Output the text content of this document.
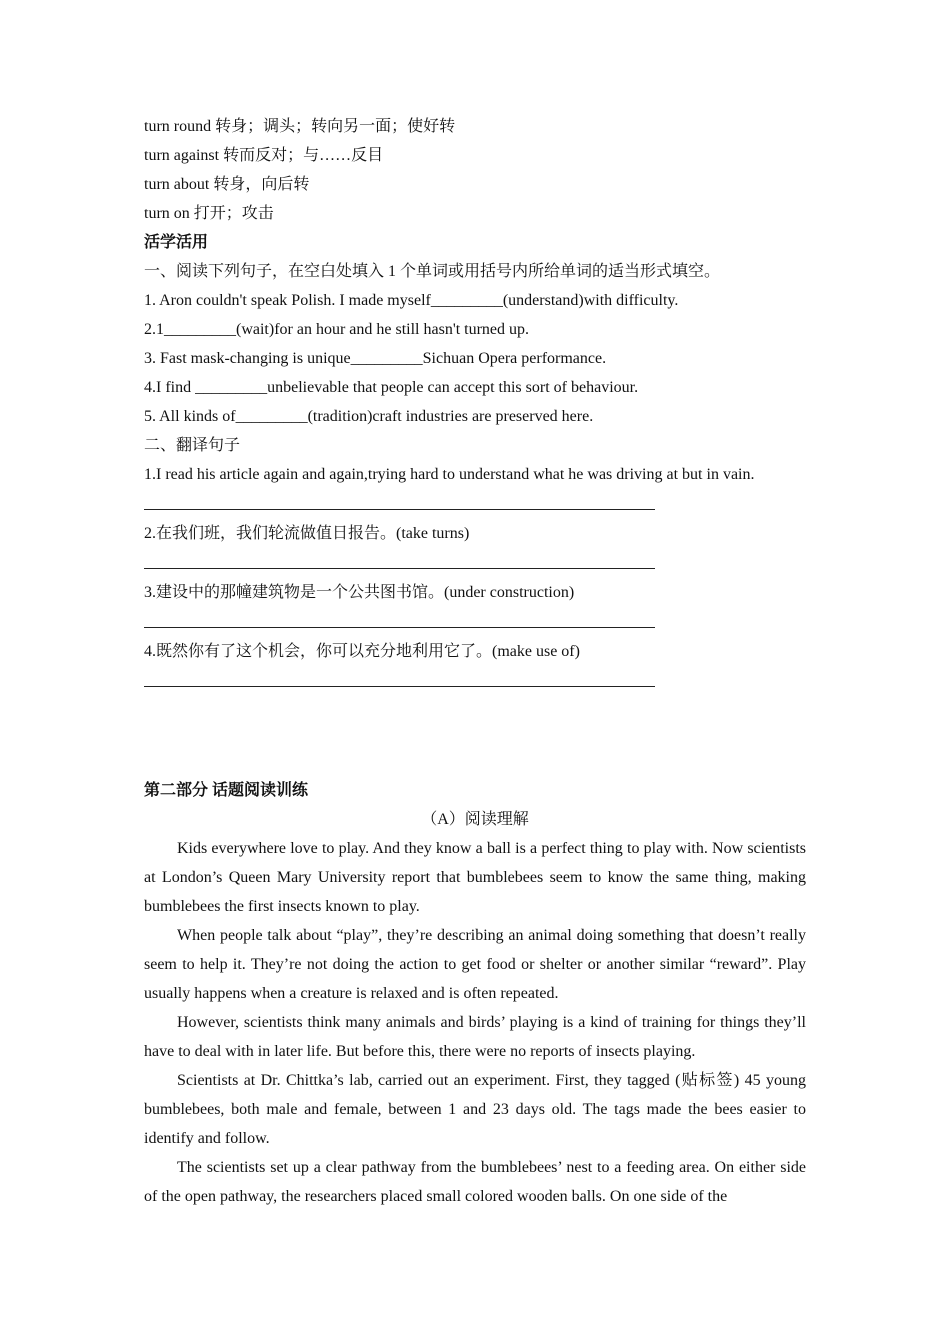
turn round 转身；调头；转向另一面；使好转
turn against 转而反对；与……反目
turn about 转身，向后转
turn on 打开；攻击
活学活用
一、阅读下列句子，在空白处填入 1 个单词或用括号内所给单词的适当形式填空。
1. Aron couldn't speak Polish. I made myself_________(understand)with difficulty.
2.1_________(wait)for an hour and he still hasn't turned up.
3. Fast mask-changing is unique_________Sichuan Opera performance.
4.I find _________unbelievable that people can accept this sort of behaviour.
5. All kinds of_________(tradition)craft industries are preserved here.
二、翻译句子
1.I read his article again and again,trying hard to understand what he was driving at but in vain.
2.在我们班，我们轮流做值日报告。(take turns)
3.建设中的那幢建筑物是一个公共图书馆。(under construction)
4.既然你有了这个机会，你可以充分地利用它了。(make use of)
第二部分 话题阅读训练
（A）阅读理解
Kids everywhere love to play. And they know a ball is a perfect thing to play with. Now scientists at London’s Queen Mary University report that bumblebees seem to know the same thing, making bumblebees the first insects known to play.
When people talk about “play”, they’re describing an animal doing something that doesn’t really seem to help it. They’re not doing the action to get food or shelter or another similar “reward”. Play usually happens when a creature is relaxed and is often repeated.
However, scientists think many animals and birds’ playing is a kind of training for things they’ll have to deal with in later life. But before this, there were no reports of insects playing.
Scientists at Dr. Chittka’s lab, carried out an experiment. First, they tagged (贴标签) 45 young bumblebees, both male and female, between 1 and 23 days old. The tags made the bees easier to identify and follow.
The scientists set up a clear pathway from the bumblebees’ nest to a feeding area. On either side of the open pathway, the researchers placed small colored wooden balls. On one side of the
